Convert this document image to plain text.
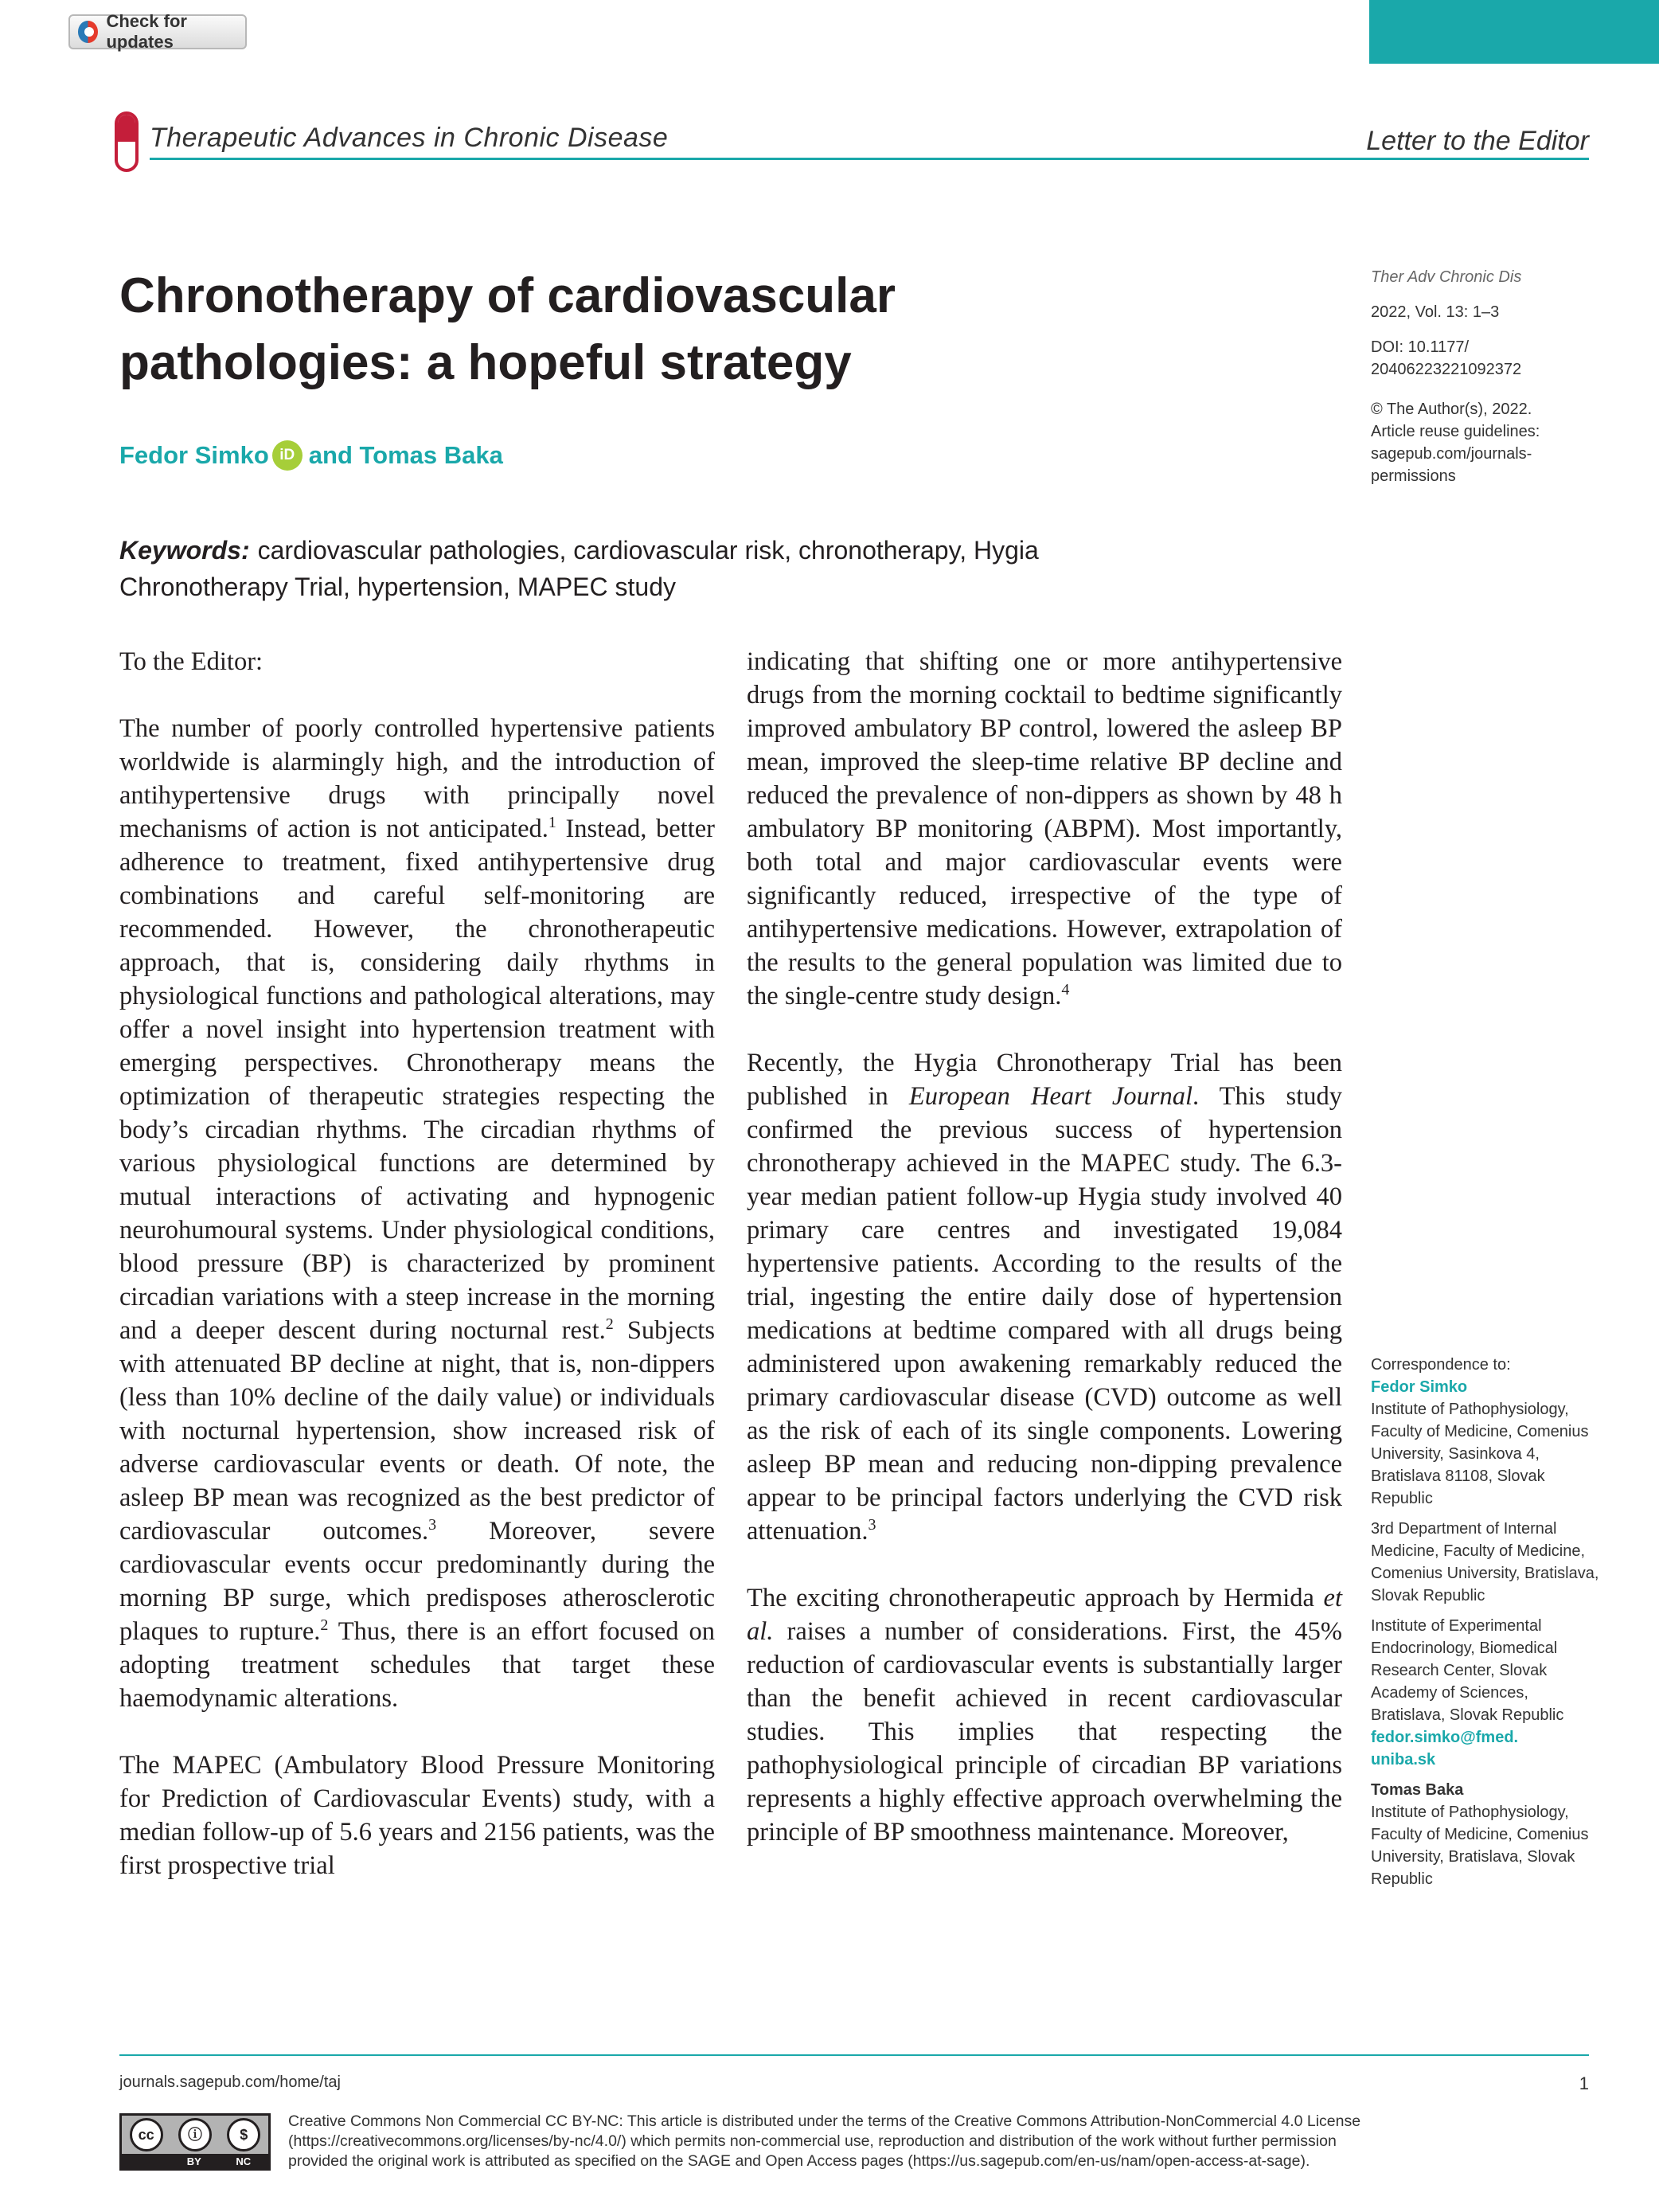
Check for updates
Therapeutic Advances in Chronic Disease	Letter to the Editor
Chronotherapy of cardiovascular
pathologies: a hopeful strategy
Fedor Simko iD and Tomas Baka
Keywords: cardiovascular pathologies, cardiovascular risk, chronotherapy, Hygia Chronotherapy Trial, hypertension, MAPEC study
Ther Adv Chronic Dis
2022, Vol. 13: 1–3
DOI: 10.1177/
20406223221092372
© The Author(s), 2022.
Article reuse guidelines:
sagepub.com/journals-
permissions
Correspondence to:
Fedor Simko

Institute of Pathophysiology, Faculty of Medicine, Comenius University, Sasinkova 4, Bratislava 81108, Slovak Republic

3rd Department of Internal Medicine, Faculty of Medicine, Comenius University, Bratislava, Slovak Republic

Institute of Experimental Endocrinology, Biomedical Research Center, Slovak Academy of Sciences, Bratislava, Slovak Republic
fedor.simko@fmed.
uniba.sk
Tomas Baka
Institute of Pathophysiology, Faculty of Medicine, Comenius University, Bratislava, Slovak Republic

To the Editor:

The number of poorly controlled hypertensive patients worldwide is alarmingly high, and the introduction of antihypertensive drugs with principally novel mechanisms of action is not anticipated.$^1$ Instead, better adherence to treatment, fixed antihypertensive drug combinations and careful self-monitoring are recommended. However, the chronotherapeutic approach, that is, considering daily rhythms in physiological functions and pathological alterations, may offer a novel insight into hypertension treatment with emerging perspectives. Chronotherapy means the optimization of therapeutic strategies respecting the body’s circadian rhythms. The circadian rhythms of various physiological functions are determined by mutual interactions of activating and hypnogenic neurohumoural systems. Under physiological conditions, blood pressure (BP) is characterized by prominent circadian variations with a steep increase in the morning and a deeper descent during nocturnal rest.$^2$ Subjects with attenuated BP decline at night, that is, non-dippers (less than 10% decline of the daily value) or individuals with nocturnal hypertension, show increased risk of adverse cardiovascular events or death. Of note, the asleep BP mean was recognized as the best predictor of cardiovascular outcomes.$^3$ Moreover, severe cardiovascular events occur predominantly during the morning BP surge, which predisposes atherosclerotic plaques to rupture.$^2$ Thus, there is an effort focused on adopting treatment schedules that target these haemodynamic alterations.

The MAPEC (Ambulatory Blood Pressure Monitoring for Prediction of Cardiovascular Events) study, with a median follow-up of 5.6 years and 2156 patients, was the first prospective trial

indicating that shifting one or more antihypertensive drugs from the morning cocktail to bedtime significantly improved ambulatory BP control, lowered the asleep BP mean, improved the sleep-time relative BP decline and reduced the prevalence of non-dippers as shown by 48 h ambulatory BP monitoring (ABPM). Most importantly, both total and major cardiovascular events were significantly reduced, irrespective of the type of antihypertensive medications. However, extrapolation of the results to the general population was limited due to the single-centre study design.$^4$

Recently, the Hygia Chronotherapy Trial has been published in European Heart Journal. This study confirmed the previous success of hypertension chronotherapy achieved in the MAPEC study. The 6.3-year median patient follow-up Hygia study involved 40 primary care centres and investigated 19,084 hypertensive patients. According to the results of the trial, ingesting the entire daily dose of hypertension medications at bedtime compared with all drugs being administered upon awakening remarkably reduced the primary cardiovascular disease (CVD) outcome as well as the risk of each of its single components. Lowering asleep BP mean and reducing non-dipping prevalence appear to be principal factors underlying the CVD risk attenuation.$^3$

The exciting chronotherapeutic approach by Hermida et al. raises a number of considerations. First, the 45% reduction of cardiovascular events is substantially larger than the benefit achieved in recent cardiovascular studies. This implies that respecting the pathophysiological principle of circadian BP variations represents a highly effective approach overwhelming the principle of BP smoothness maintenance. Moreover,

journals.sagepub.com/home/taj	1
cc	ⓘ	$
BY	NC
Creative Commons Non Commercial CC BY-NC: This article is distributed under the terms of the Creative Commons Attribution-NonCommercial 4.0 License
(https://creativecommons.org/licenses/by-nc/4.0/) which permits non-commercial use, reproduction and distribution of the work without further permission
provided the original work is attributed as specified on the SAGE and Open Access pages (https://us.sagepub.com/en-us/nam/open-access-at-sage).
